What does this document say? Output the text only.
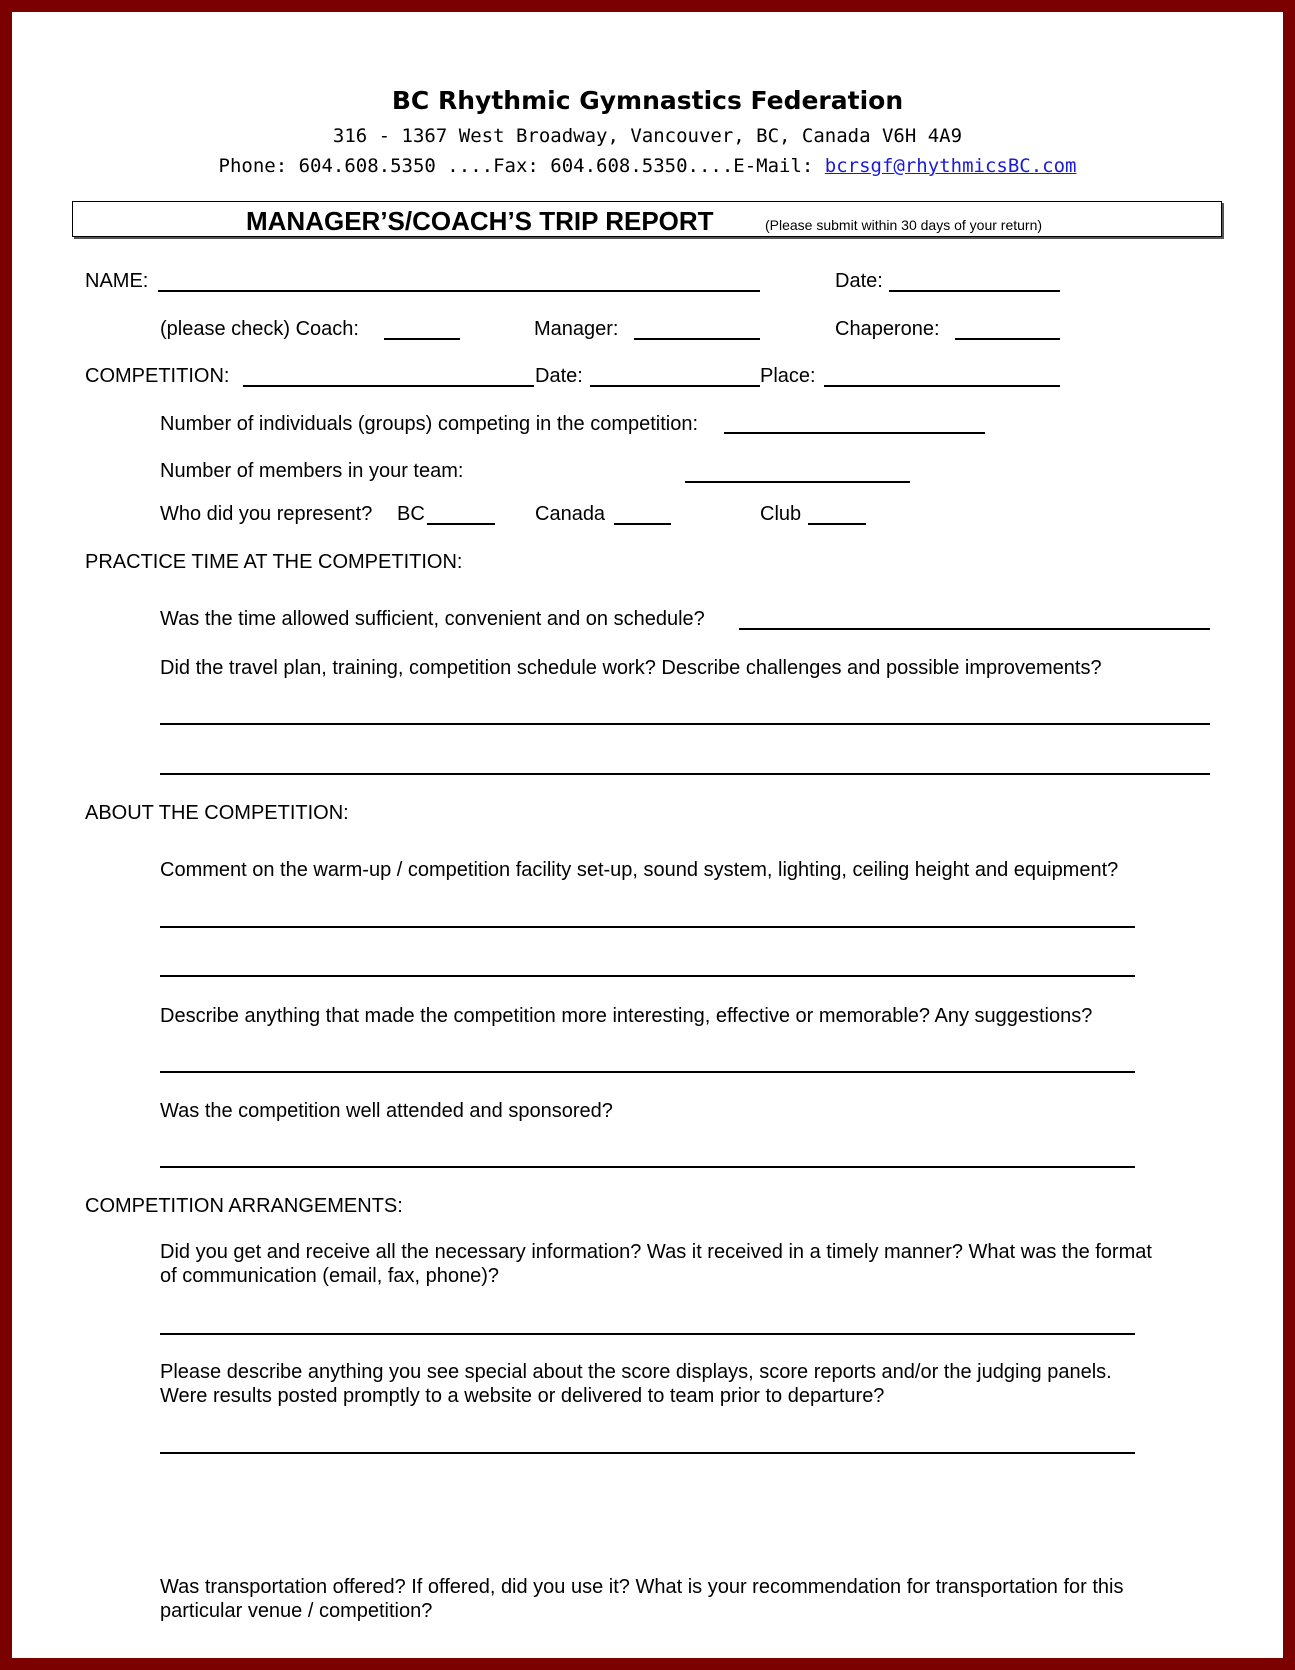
BC Rhythmic Gymnastics Federation
316 - 1367 West Broadway, Vancouver, BC, Canada V6H 4A9
Phone: 604.608.5350 ....Fax: 604.608.5350....E-Mail: bcrsgf@rhythmicsBC.com
MANAGER’S/COACH’S TRIP REPORT	(Please submit within 30 days of your return)
NAME:	Date:
(please check) Coach:	Manager:	Chaperone:
COMPETITION:	Date:	Place:
Number of individuals (groups) competing in the competition:
Number of members in your team:
Who did you represent? BC	Canada	Club
PRACTICE TIME AT THE COMPETITION:
Was the time allowed sufficient, convenient and on schedule?
Did the travel plan, training, competition schedule work? Describe challenges and possible improvements?
ABOUT THE COMPETITION:
Comment on the warm-up / competition facility set-up, sound system, lighting, ceiling height and equipment?
Describe anything that made the competition more interesting, effective or memorable? Any suggestions?
Was the competition well attended and sponsored?
COMPETITION ARRANGEMENTS:
Did you get and receive all the necessary information? Was it received in a timely manner? What was the format
of communication (email, fax, phone)?
Please describe anything you see special about the score displays, score reports and/or the judging panels.
Were results posted promptly to a website or delivered to team prior to departure?
Was transportation offered? If offered, did you use it? What is your recommendation for transportation for this
particular venue / competition?
